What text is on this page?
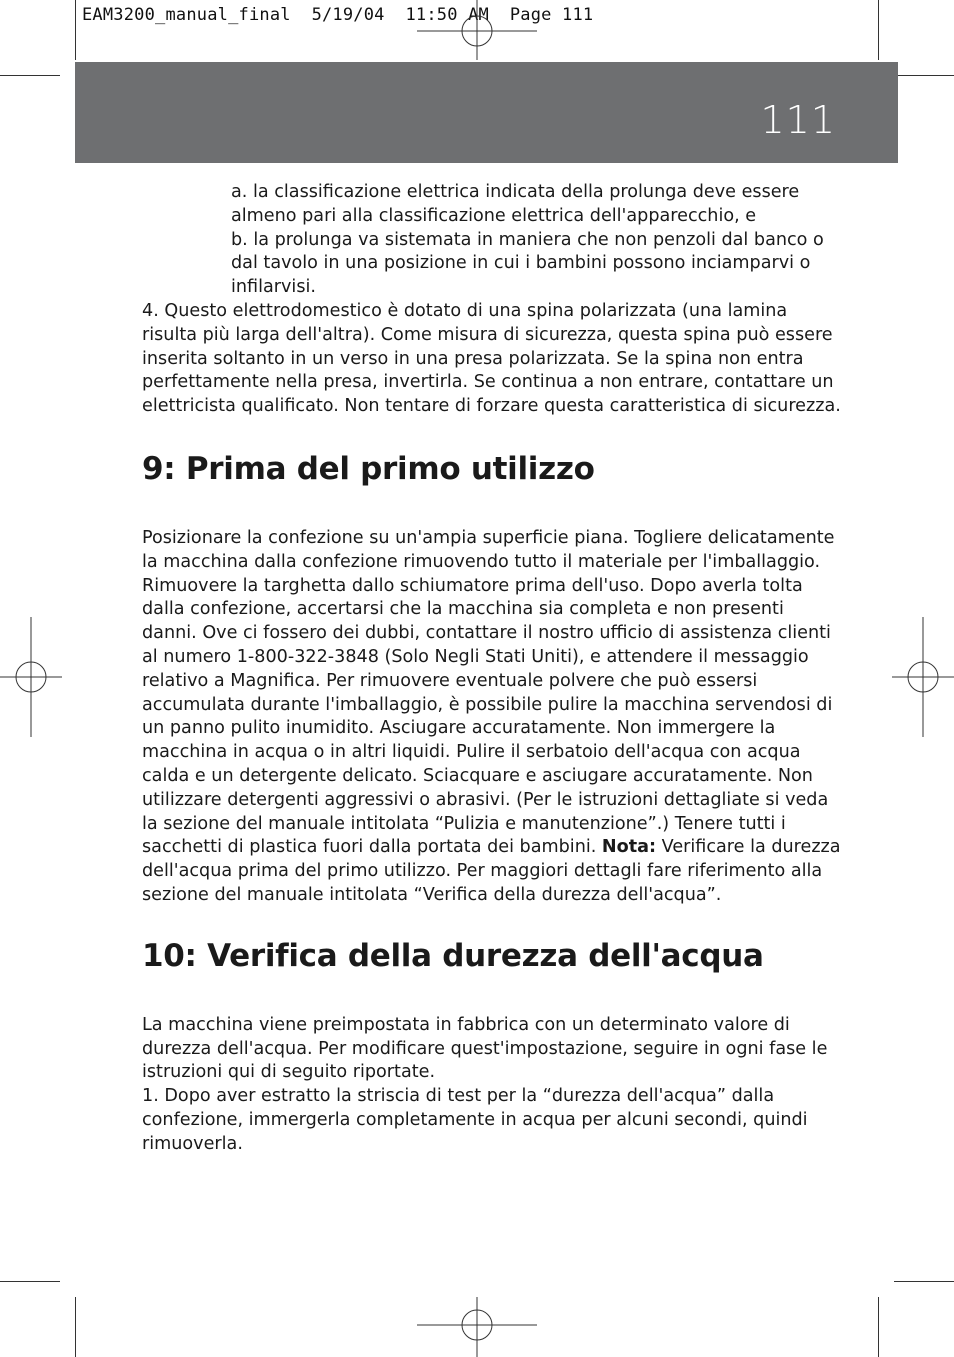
EAM3200_manual_final  5/19/04  11:50 AM  Page 111
111

a. la classificazione elettrica indicata della prolunga deve essere almeno pari alla classificazione elettrica dell'apparecchio, e

b. la prolunga va sistemata in maniera che non penzoli dal banco o dal tavolo in una posizione in cui i bambini possono inciamparvi o infilarvisi.

4. Questo elettrodomestico è dotato di una spina polarizzata (una lamina risulta più larga dell'altra). Come misura di sicurezza, questa spina può essere inserita soltanto in un verso in una presa polarizzata. Se la spina non entra perfettamente nella presa, invertirla. Se continua a non entrare, contattare un elettricista qualificato. Non tentare di forzare questa caratteristica di sicurezza.

9: Prima del primo utilizzo

Posizionare la confezione su un'ampia superficie piana. Togliere delicatamente la macchina dalla confezione rimuovendo tutto il materiale per l'imballaggio. Rimuovere la targhetta dallo schiumatore prima dell'uso. Dopo averla tolta dalla confezione, accertarsi che la macchina sia completa e non presenti danni. Ove ci fossero dei dubbi, contattare il nostro ufficio di assistenza clienti al numero 1-800-322-3848 (Solo Negli Stati Uniti), e attendere il messaggio relativo a Magnifica. Per rimuovere eventuale polvere che può essersi accumulata durante l'imballaggio, è possibile pulire la macchina servendosi di un panno pulito inumidito. Asciugare accuratamente. Non immergere la macchina in acqua o in altri liquidi. Pulire il serbatoio dell'acqua con acqua calda e un detergente delicato. Sciacquare e asciugare accuratamente. Non utilizzare detergenti aggressivi o abrasivi. (Per le istruzioni dettagliate si veda la sezione del manuale intitolata “Pulizia e manutenzione”.) Tenere tutti i sacchetti di plastica fuori dalla portata dei bambini. Nota: Verificare la durezza dell'acqua prima del primo utilizzo. Per maggiori dettagli fare riferimento alla sezione del manuale intitolata “Verifica della durezza dell'acqua”.

10: Verifica della durezza dell'acqua

La macchina viene preimpostata in fabbrica con un determinato valore di durezza dell'acqua. Per modificare quest'impostazione, seguire in ogni fase le istruzioni qui di seguito riportate.

1. Dopo aver estratto la striscia di test per la “durezza dell'acqua” dalla confezione, immergerla completamente in acqua per alcuni secondi, quindi rimuoverla.
